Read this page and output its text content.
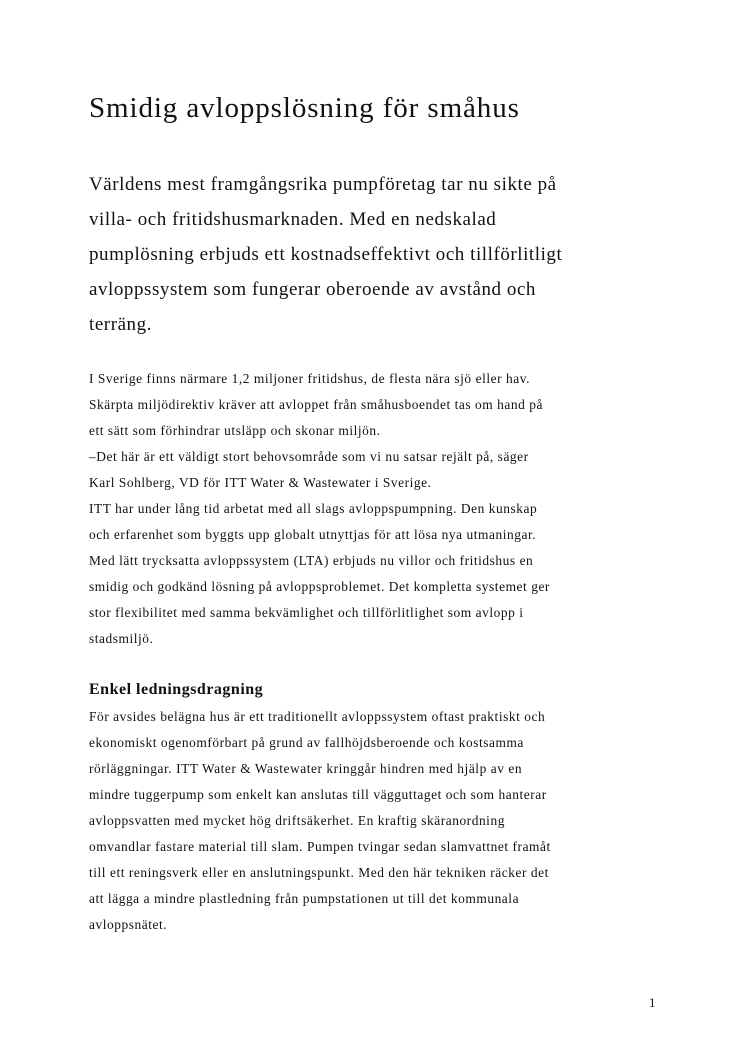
Smidig avloppslösning för småhus

Världens mest framgångsrika pumpföretag tar nu sikte på
villa- och fritidshusmarknaden. Med en nedskalad
pumplösning erbjuds ett kostnadseffektivt och tillförlitligt
avloppssystem som fungerar oberoende av avstånd och
terräng.

I Sverige finns närmare 1,2 miljoner fritidshus, de flesta nära sjö eller hav.
Skärpta miljödirektiv kräver att avloppet från småhusboendet tas om hand på
ett sätt som förhindrar utsläpp och skonar miljön.
–Det här är ett väldigt stort behovsområde som vi nu satsar rejält på, säger
Karl Sohlberg, VD för ITT Water & Wastewater i Sverige.
ITT har under lång tid arbetat med all slags avloppspumpning. Den kunskap
och erfarenhet som byggts upp globalt utnyttjas för att lösa nya utmaningar.
Med lätt trycksatta avloppssystem (LTA) erbjuds nu villor och fritidshus en
smidig och godkänd lösning på avloppsproblemet. Det kompletta systemet ger
stor flexibilitet med samma bekvämlighet och tillförlitlighet som avlopp i
stadsmiljö.

Enkel ledningsdragning

För avsides belägna hus är ett traditionellt avloppssystem oftast praktiskt och
ekonomiskt ogenomförbart på grund av fallhöjdsberoende och kostsamma
rörläggningar. ITT Water & Wastewater kringgår hindren med hjälp av en
mindre tuggerpump som enkelt kan anslutas till vägguttaget och som hanterar
avloppsvatten med mycket hög driftsäkerhet. En kraftig skäranordning
omvandlar fastare material till slam. Pumpen tvingar sedan slamvattnet framåt
till ett reningsverk eller en anslutningspunkt. Med den här tekniken räcker det
att lägga a mindre plastledning från pumpstationen ut till det kommunala
avloppsnätet.

1
